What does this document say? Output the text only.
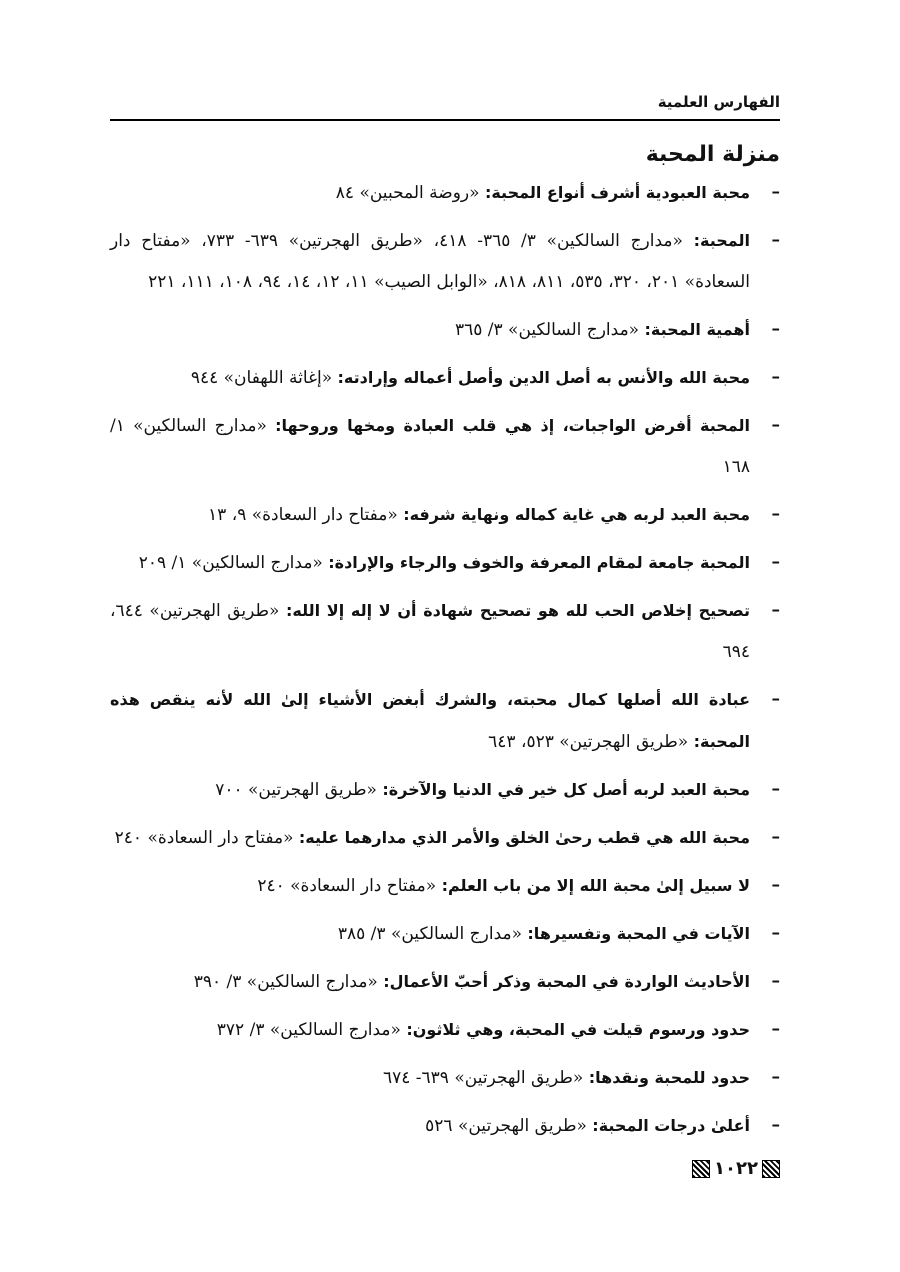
الفهارس العلمية
منزلة المحبة
–
محبة العبودية أشرف أنواع المحبة: «روضة المحبين» ٨٤
–
المحبة: «مدارج السالكين» ٣/ ٣٦٥- ٤١٨، «طريق الهجرتين» ٦٣٩- ٧٣٣، «مفتاح دار السعادة» ٢٠١، ٣٢٠، ٥٣٥، ٨١١، ٨١٨، «الوابل الصيب» ١١، ١٢، ١٤، ٩٤، ١٠٨، ١١١، ٢٢١
–
أهمية المحبة: «مدارج السالكين» ٣/ ٣٦٥
–
محبة الله والأنس به أصل الدين وأصل أعماله وإرادته: «إغاثة اللهفان» ٩٤٤
–
المحبة أفرض الواجبات، إذ هي قلب العبادة ومخها وروحها: «مدارج السالكين» ١/ ١٦٨
–
محبة العبد لربه هي غاية كماله ونهاية شرفه: «مفتاح دار السعادة» ٩، ١٣
–
المحبة جامعة لمقام المعرفة والخوف والرجاء والإرادة: «مدارج السالكين» ١/ ٢٠٩
–
تصحيح إخلاص الحب لله هو تصحيح شهادة أن لا إله إلا الله: «طريق الهجرتين» ٦٤٤، ٦٩٤
–
عبادة الله أصلها كمال محبته، والشرك أبغض الأشياء إلىٰ الله لأنه ينقص هذه المحبة: «طريق الهجرتين» ٥٢٣، ٦٤٣
–
محبة العبد لربه أصل كل خير في الدنيا والآخرة: «طريق الهجرتين» ٧٠٠
–
محبة الله هي قطب رحىٰ الخلق والأمر الذي مدارهما عليه: «مفتاح دار السعادة» ٢٤٠
–
لا سبيل إلىٰ محبة الله إلا من باب العلم: «مفتاح دار السعادة» ٢٤٠
–
الآيات في المحبة وتفسيرها: «مدارج السالكين» ٣/ ٣٨٥
–
الأحاديث الواردة في المحبة وذكر أحبّ الأعمال: «مدارج السالكين» ٣/ ٣٩٠
–
حدود ورسوم قيلت في المحبة، وهي ثلاثون: «مدارج السالكين» ٣/ ٣٧٢
–
حدود للمحبة ونقدها: «طريق الهجرتين» ٦٣٩- ٦٧٤
–
أعلىٰ درجات المحبة: «طريق الهجرتين» ٥٢٦
١٠٢٢
